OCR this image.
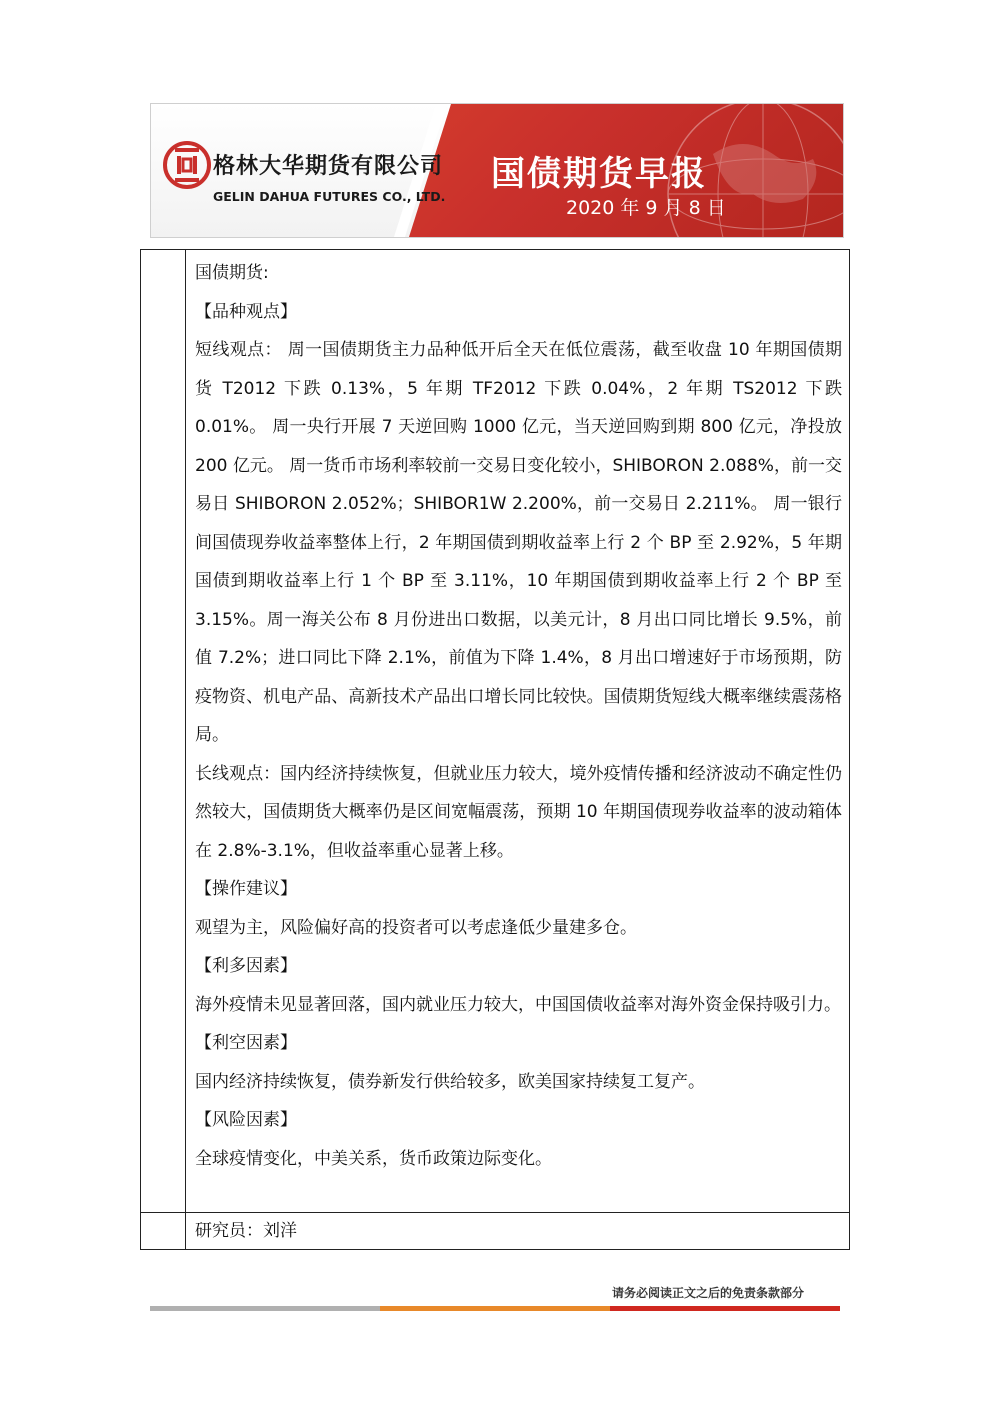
格林大华期货有限公司
GELIN DAHUA FUTURES CO., LTD.
国债期货早报
2020 年 9 月 8 日

国债期货:

【品种观点】

短线观点： 周一国债期货主力品种低开后全天在低位震荡，截至收盘 10 年期国债期货 T2012 下跌 0.13%，5 年期 TF2012 下跌 0.04%，2 年期 TS2012 下跌 0.01%。 周一央行开展 7 天逆回购 1000 亿元，当天逆回购到期 800 亿元，净投放 200 亿元。 周一货币市场利率较前一交易日变化较小，SHIBORON 2.088%，前一交易日 SHIBORON 2.052%；SHIBOR1W 2.200%，前一交易日 2.211%。 周一银行间国债现券收益率整体上行，2 年期国债到期收益率上行 2 个 BP 至 2.92%，5 年期国债到期收益率上行 1 个 BP 至 3.11%，10 年期国债到期收益率上行 2 个 BP 至 3.15%。周一海关公布 8 月份进出口数据，以美元计，8 月出口同比增长 9.5%，前值 7.2%；进口同比下降 2.1%，前值为下降 1.4%，8 月出口增速好于市场预期，防疫物资、机电产品、高新技术产品出口增长同比较快。国债期货短线大概率继续震荡格局。

长线观点：国内经济持续恢复，但就业压力较大，境外疫情传播和经济波动不确定性仍然较大，国债期货大概率仍是区间宽幅震荡，预期 10 年期国债现券收益率的波动箱体在 2.8%-3.1%，但收益率重心显著上移。

【操作建议】

观望为主，风险偏好高的投资者可以考虑逢低少量建多仓。

【利多因素】

海外疫情未见显著回落，国内就业压力较大，中国国债收益率对海外资金保持吸引力。

【利空因素】

国内经济持续恢复，债券新发行供给较多，欧美国家持续复工复产。

【风险因素】

全球疫情变化，中美关系，货币政策边际变化。

研究员：刘洋
请务必阅读正文之后的免责条款部分
